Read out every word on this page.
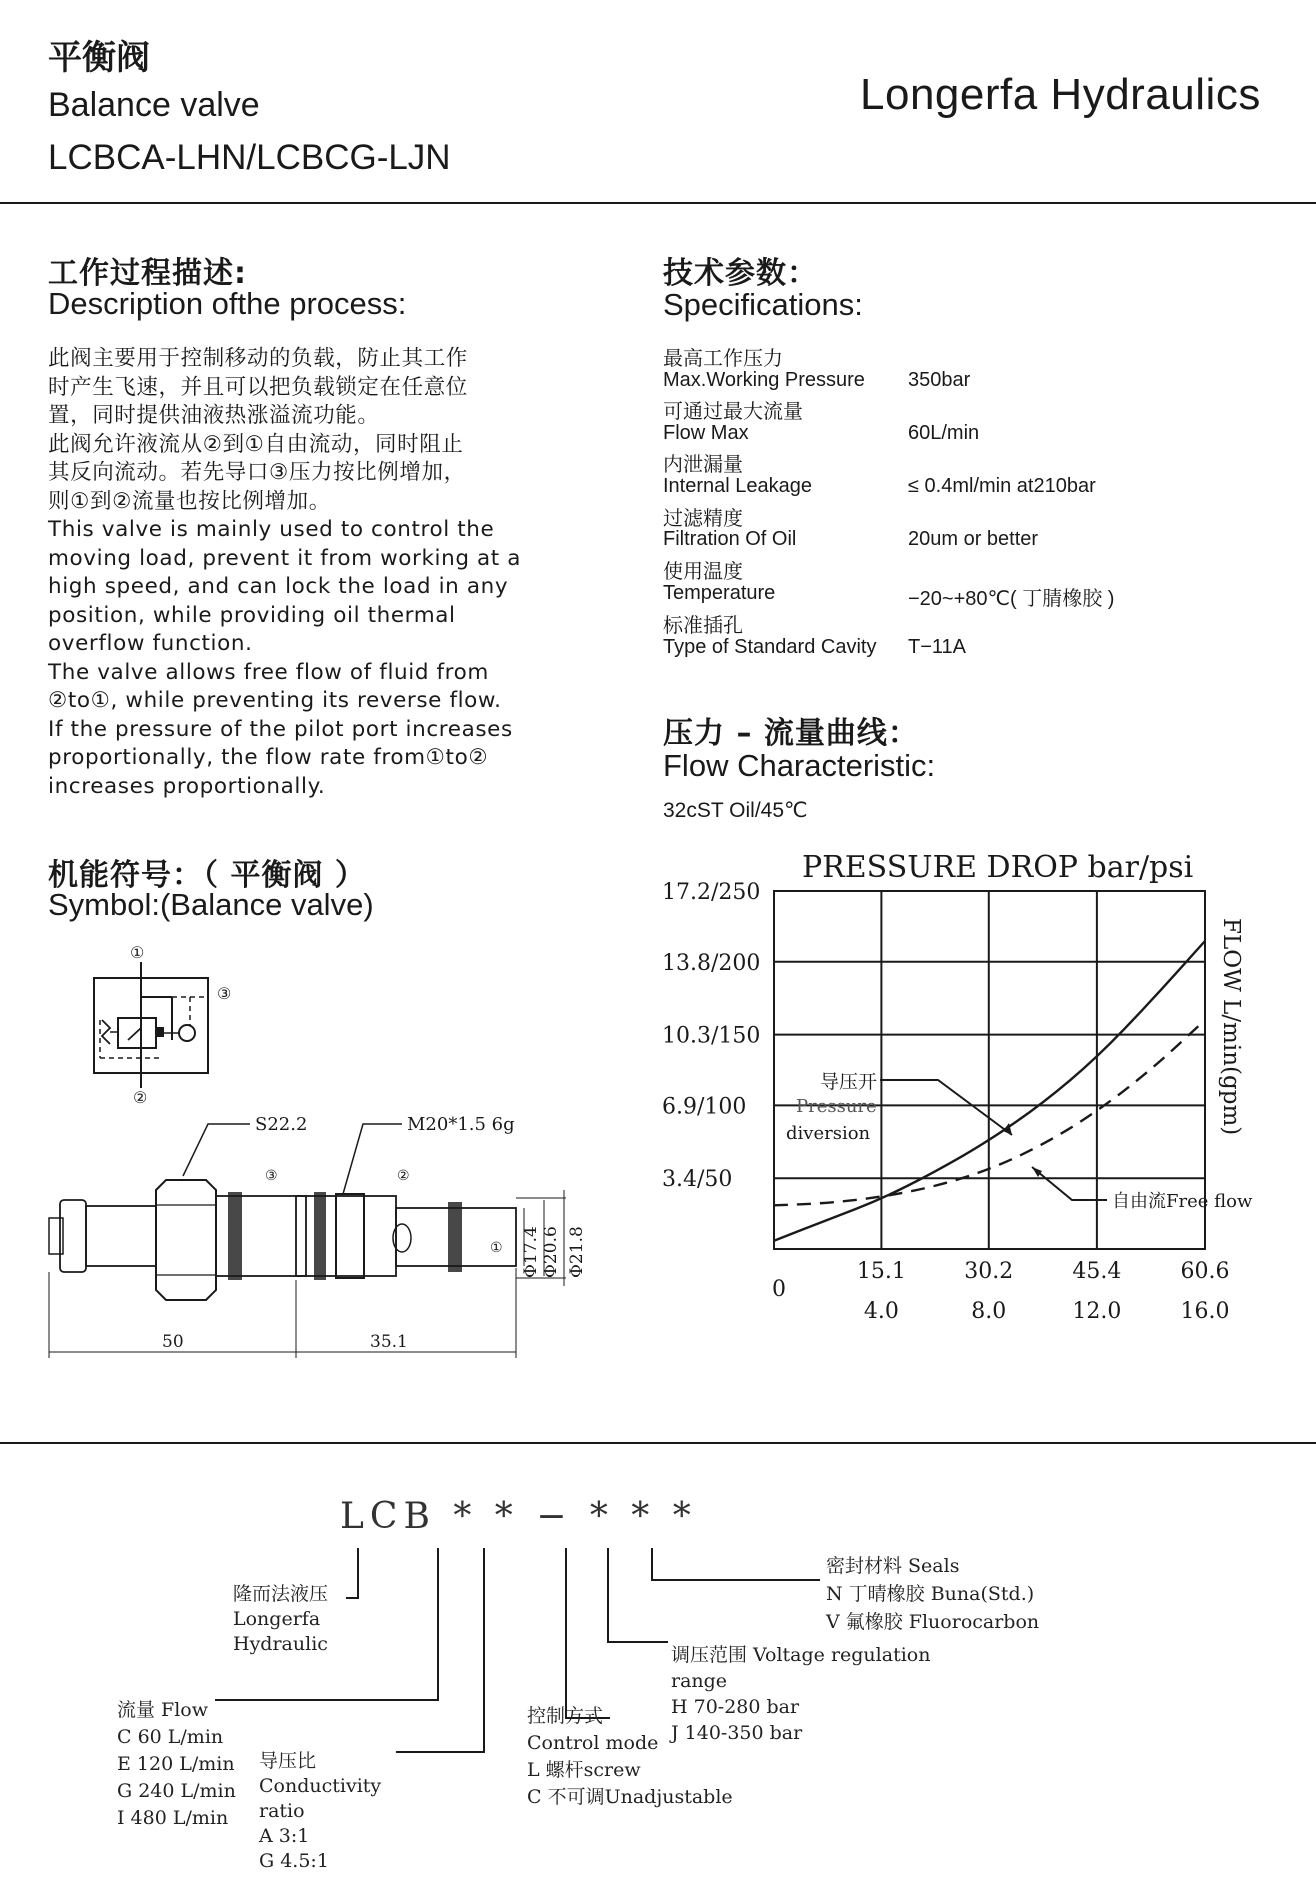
平衡阀
Balance valve
LCBCA-LHN/LCBCG-LJN
Longerfa Hydraulics
工作过程描述:
Description ofthe process:
此阀主要用于控制移动的负载，防止其工作
时产生飞速，并且可以把负载锁定在任意位
置，同时提供油液热涨溢流功能。
此阀允许液流从②到①自由流动，同时阻止
其反向流动。若先导口③压力按比例增加，
则①到②流量也按比例增加。
This valve is mainly used to control the
moving load, prevent it from working at a
high speed, and can lock the load in any
position, while providing oil thermal
overflow function.
The valve allows free flow of fluid from
②to①, while preventing its reverse flow.
If the pressure of the pilot port increases
proportionally, the flow rate from①to②
increases proportionally.
技术参数：
Specifications:
最高工作压力
Max.Working Pressure 350bar
可通过最大流量
Flow Max	60L/min
内泄漏量
Internal Leakage	≤ 0.4ml/min at210bar
过滤精度
Filtration Of Oil	20um or better
使用温度
Temperature	−20~+80℃( 丁腈橡胶 )
标准插孔
Type of Standard Cavity T−11A
压力 – 流量曲线：
Flow Characteristic:
32cST Oil/45℃
PRESSURE DROP bar/psi
3.4/50
6.9/100
10.3/150
13.8/200
17.2/250
0
15.1	30.2	45.4	60.6
4.0	8.0	12.0	16.0
FLOW L/min(gpm)
导压开
Pressure
diversion
自由流Free flow
机能符号：（ 平衡阀 ）
Symbol:(Balance valve)
①
③
②
S22.2	M20*1.5 6g
③	②
① Φ17.4 Φ20.6 Φ21.8
50	35.1
LCB * * − * * *
隆而法液压
Longerfa
Hydraulic
流量 Flow
C 60 L/min
E 120 L/min
G 240 L/min
I 480 L/min
导压比
Conductivity
ratio
A 3:1
G 4.5:1
控制方式
Control mode
L 螺杆screw
C 不可调Unadjustable
调压范围 Voltage regulation
range
H 70-280 bar
J 140-350 bar
密封材料 Seals
N 丁晴橡胶 Buna(Std.)
V 氟橡胶 Fluorocarbon
